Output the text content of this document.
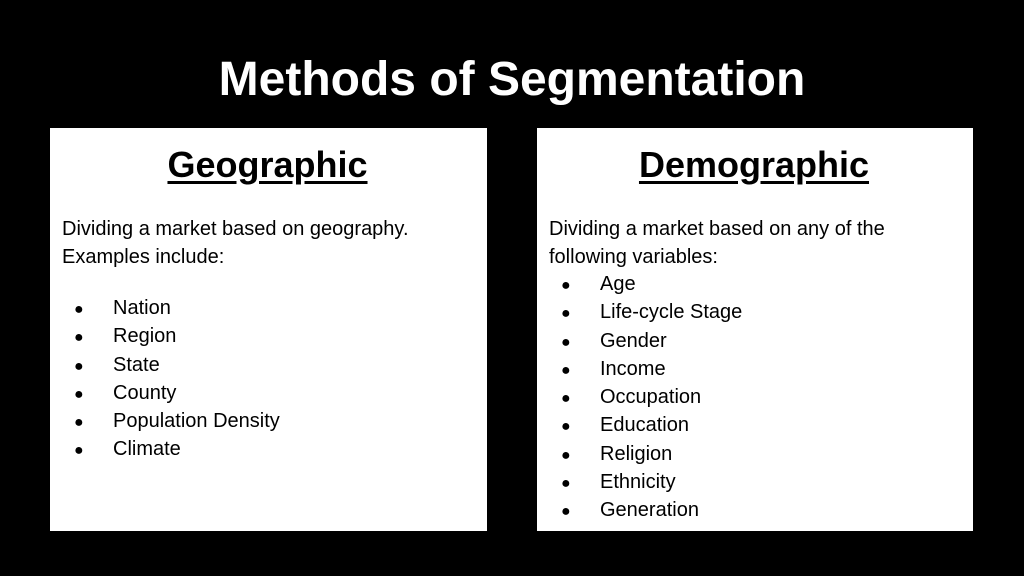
Methods of Segmentation
Geographic

Dividing a market based on geography. Examples include:

●	Nation
●	Region
●	State
●	County
●	Population Density
●	Climate
Demographic

Dividing a market based on any of the following variables:

●	Age
●	Life-cycle Stage
●	Gender
●	Income
●	Occupation
●	Education
●	Religion
●	Ethnicity
●	Generation
